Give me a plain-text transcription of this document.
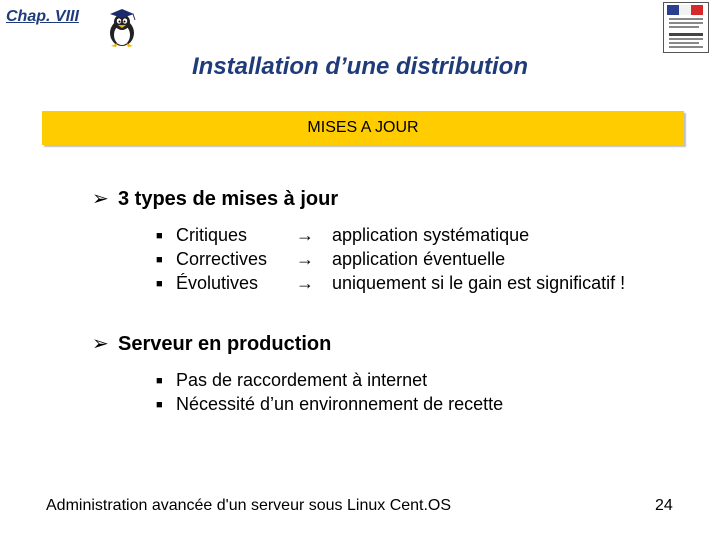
Chap. VIII
Installation d’une distribution
MISES A JOUR
➢ 3 types de mises à jour
■ Critiques	→ application systématique
■ Correctives → application éventuelle
■ Évolutives → uniquement si le gain est significatif !
➢ Serveur en production
■ Pas de raccordement à internet
■ Nécessité d’un environnement de recette
Administration avancée d'un serveur sous Linux Cent.OS	24
